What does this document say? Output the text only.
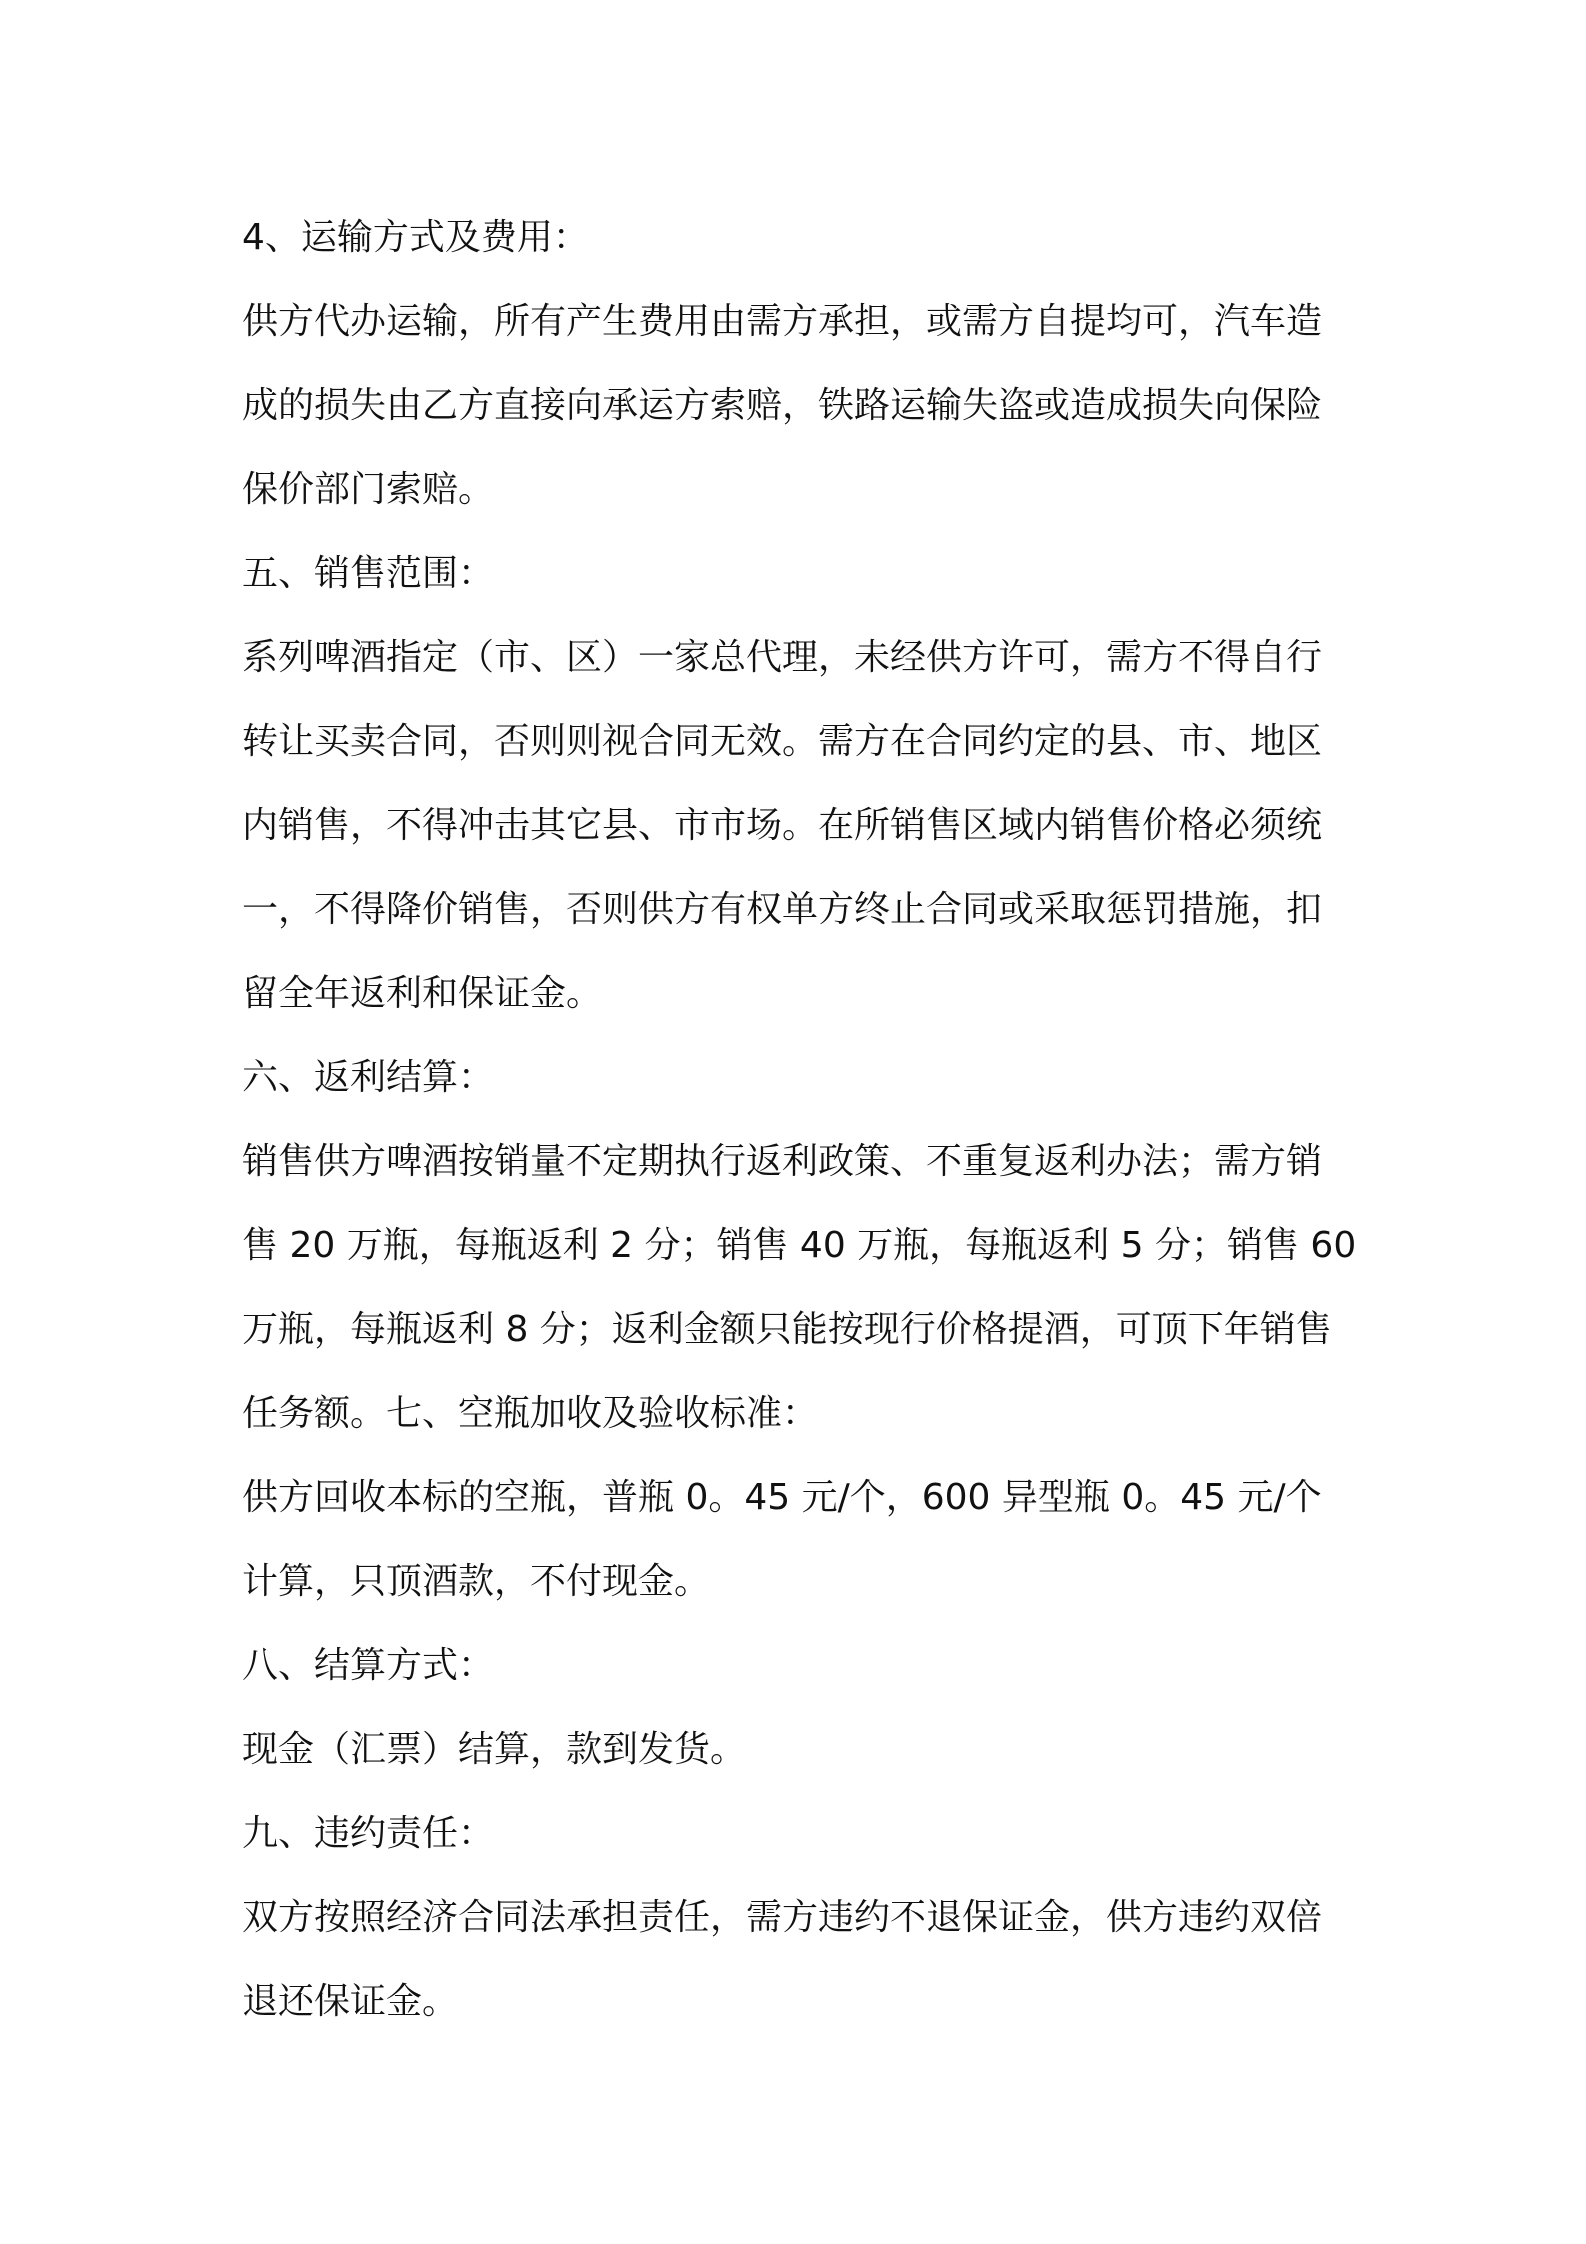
4、运输方式及费用：
供方代办运输，所有产生费用由需方承担，或需方自提均可，汽车造
成的损失由乙方直接向承运方索赔，铁路运输失盗或造成损失向保险
保价部门索赔。
五、销售范围：
系列啤酒指定（市、区）一家总代理，未经供方许可，需方不得自行
转让买卖合同，否则则视合同无效。需方在合同约定的县、市、地区
内销售，不得冲击其它县、市市场。在所销售区域内销售价格必须统
一，不得降价销售，否则供方有权单方终止合同或采取惩罚措施，扣
留全年返利和保证金。
六、返利结算：
销售供方啤酒按销量不定期执行返利政策、不重复返利办法；需方销
售 20 万瓶，每瓶返利 2 分；销售 40 万瓶，每瓶返利 5 分；销售 60
万瓶，每瓶返利 8 分；返利金额只能按现行价格提酒，可顶下年销售
任务额。七、空瓶加收及验收标准：
供方回收本标的空瓶，普瓶 0。45 元/个，600 异型瓶 0。45 元/个
计算，只顶酒款，不付现金。
八、结算方式：
现金（汇票）结算，款到发货。
九、违约责任：
双方按照经济合同法承担责任，需方违约不退保证金，供方违约双倍
退还保证金。
